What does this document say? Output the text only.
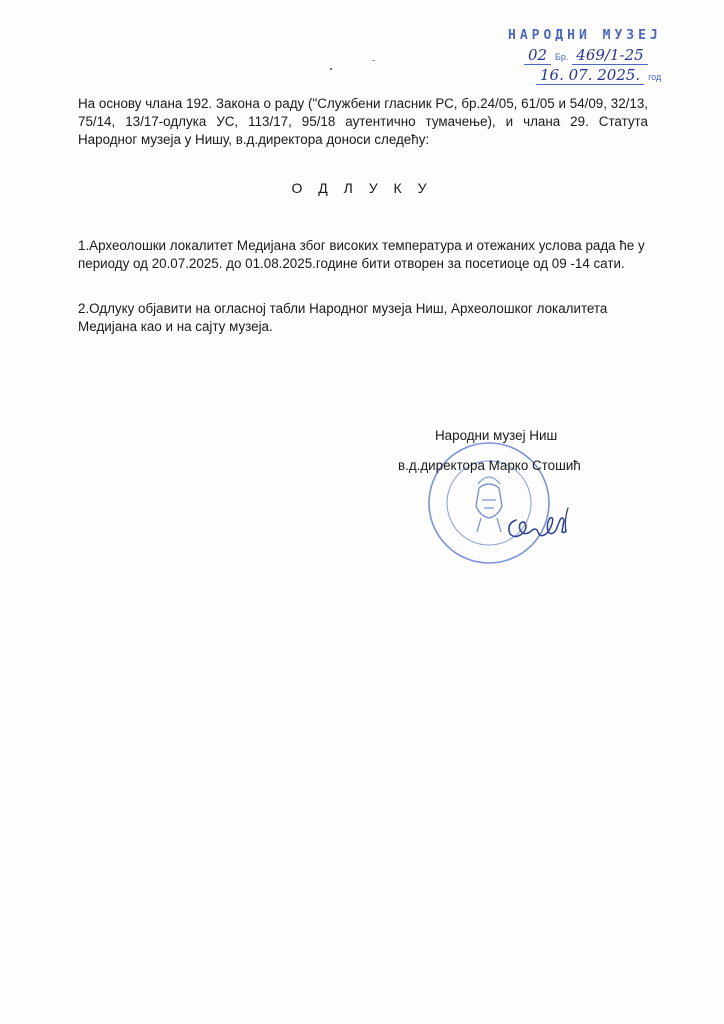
НАРОДНИ МУЗЕЈ
02 Бр. 469/1-25
16. 07. 2025. год

На основу члана 192. Закона о раду ("Службени гласник РС, бр.24/05, 61/05 и 54/09, 32/13, 75/14, 13/17-одлука УС, 113/17, 95/18 аутентично тумачење), и члана 29. Статута Народног музеја у Нишу, в.д.директора доноси следећу:

О Д Л У К У

1.Археолошки локалитет Медијана због високих температура и отежаних услова рада ће у периоду од 20.07.2025. до 01.08.2025.године бити отворен за посетиоце од 09 -14 сати.

2.Одлуку објавити на огласној табли Народног музеја Ниш, Археолошког локалитета Медијана као и на сајту музеја.

Народни музеј Ниш
в.д.директора Марко Стошић
